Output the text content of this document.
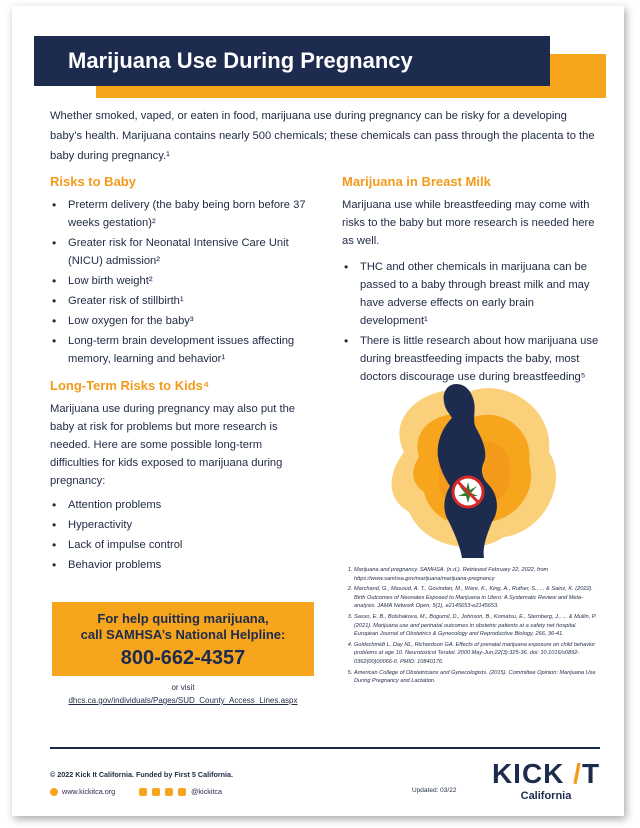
Marijuana Use During Pregnancy

Whether smoked, vaped, or eaten in food, marijuana use during pregnancy can be risky for a developing baby’s health. Marijuana contains nearly 500 chemicals; these chemicals can pass through the placenta to the baby during pregnancy.¹

Risks to Baby
• Preterm delivery (the baby being born before 37 weeks gestation)²
• Greater risk for Neonatal Intensive Care Unit (NICU) admission²
• Low birth weight²
• Greater risk of stillbirth¹
• Low oxygen for the baby³
• Long-term brain development issues affecting memory, learning and behavior¹
Long-Term Risks to Kids⁴

Marijuana use during pregnancy may also put the baby at risk for problems but more research is needed. Here are some possible long-term difficulties for kids exposed to marijuana during pregnancy:

• Attention problems
• Hyperactivity
• Lack of impulse control
• Behavior problems
Marijuana in Breast Milk

Marijuana use while breastfeeding may come with risks to the baby but more research is needed here as well.

• THC and other chemicals in marijuana can be passed to a baby through breast milk and may have adverse effects on early brain development¹
• There is little research about how marijuana use during breastfeeding impacts the baby, most doctors discourage use during breastfeeding⁵
1. Marijuana and pregnancy. SAMHSA. (n.d.). Retrieved February 22, 2022, from https://www.samhsa.gov/marijuana/marijuana-pregnancy
2. Marchand, G., Masoud, A. T., Govindan, M., Ware, K., King, A., Ruther, S., ... & Sainz, K. (2022). Birth Outcomes of Neonates Exposed to Marijuana in Utero: A Systematic Review and Meta-analysis. JAMA Network Open, 5(1), e2145653-e2145653.
3. Sasso, E. B., Bolshakova, M., Bogumil, D., Johnson, B., Komatsu, E., Sternberg, J., ... & Mullin, P. (2021). Marijuana use and perinatal outcomes in obstetric patients at a safety net hospital. European Journal of Obstetrics & Gynecology and Reproductive Biology, 266, 36-41.
4. Goldschmidt L, Day NL, Richardson GA. Effects of prenatal marijuana exposure on child behavior problems at age 10. Neurotoxicol Teratol. 2000 May-Jun;22(3):325-36. doi: 10.1016/s0892-0362(00)00066-0. PMID: 10840176.
5. American College of Obstetricians and Gynecologists. (2015). Committee Opinion: Marijuana Use During Pregnancy and Lactation.
For help quitting marijuana,
call SAMHSA’s National Helpline:
800-662-4357
or visit
dhcs.ca.gov/individuals/Pages/SUD_County_Access_Lines.aspx
© 2022 Kick It California. Funded by First 5 California.
www.kickitca.org	@kickitca	Updated: 03/22
KICK /T
California
